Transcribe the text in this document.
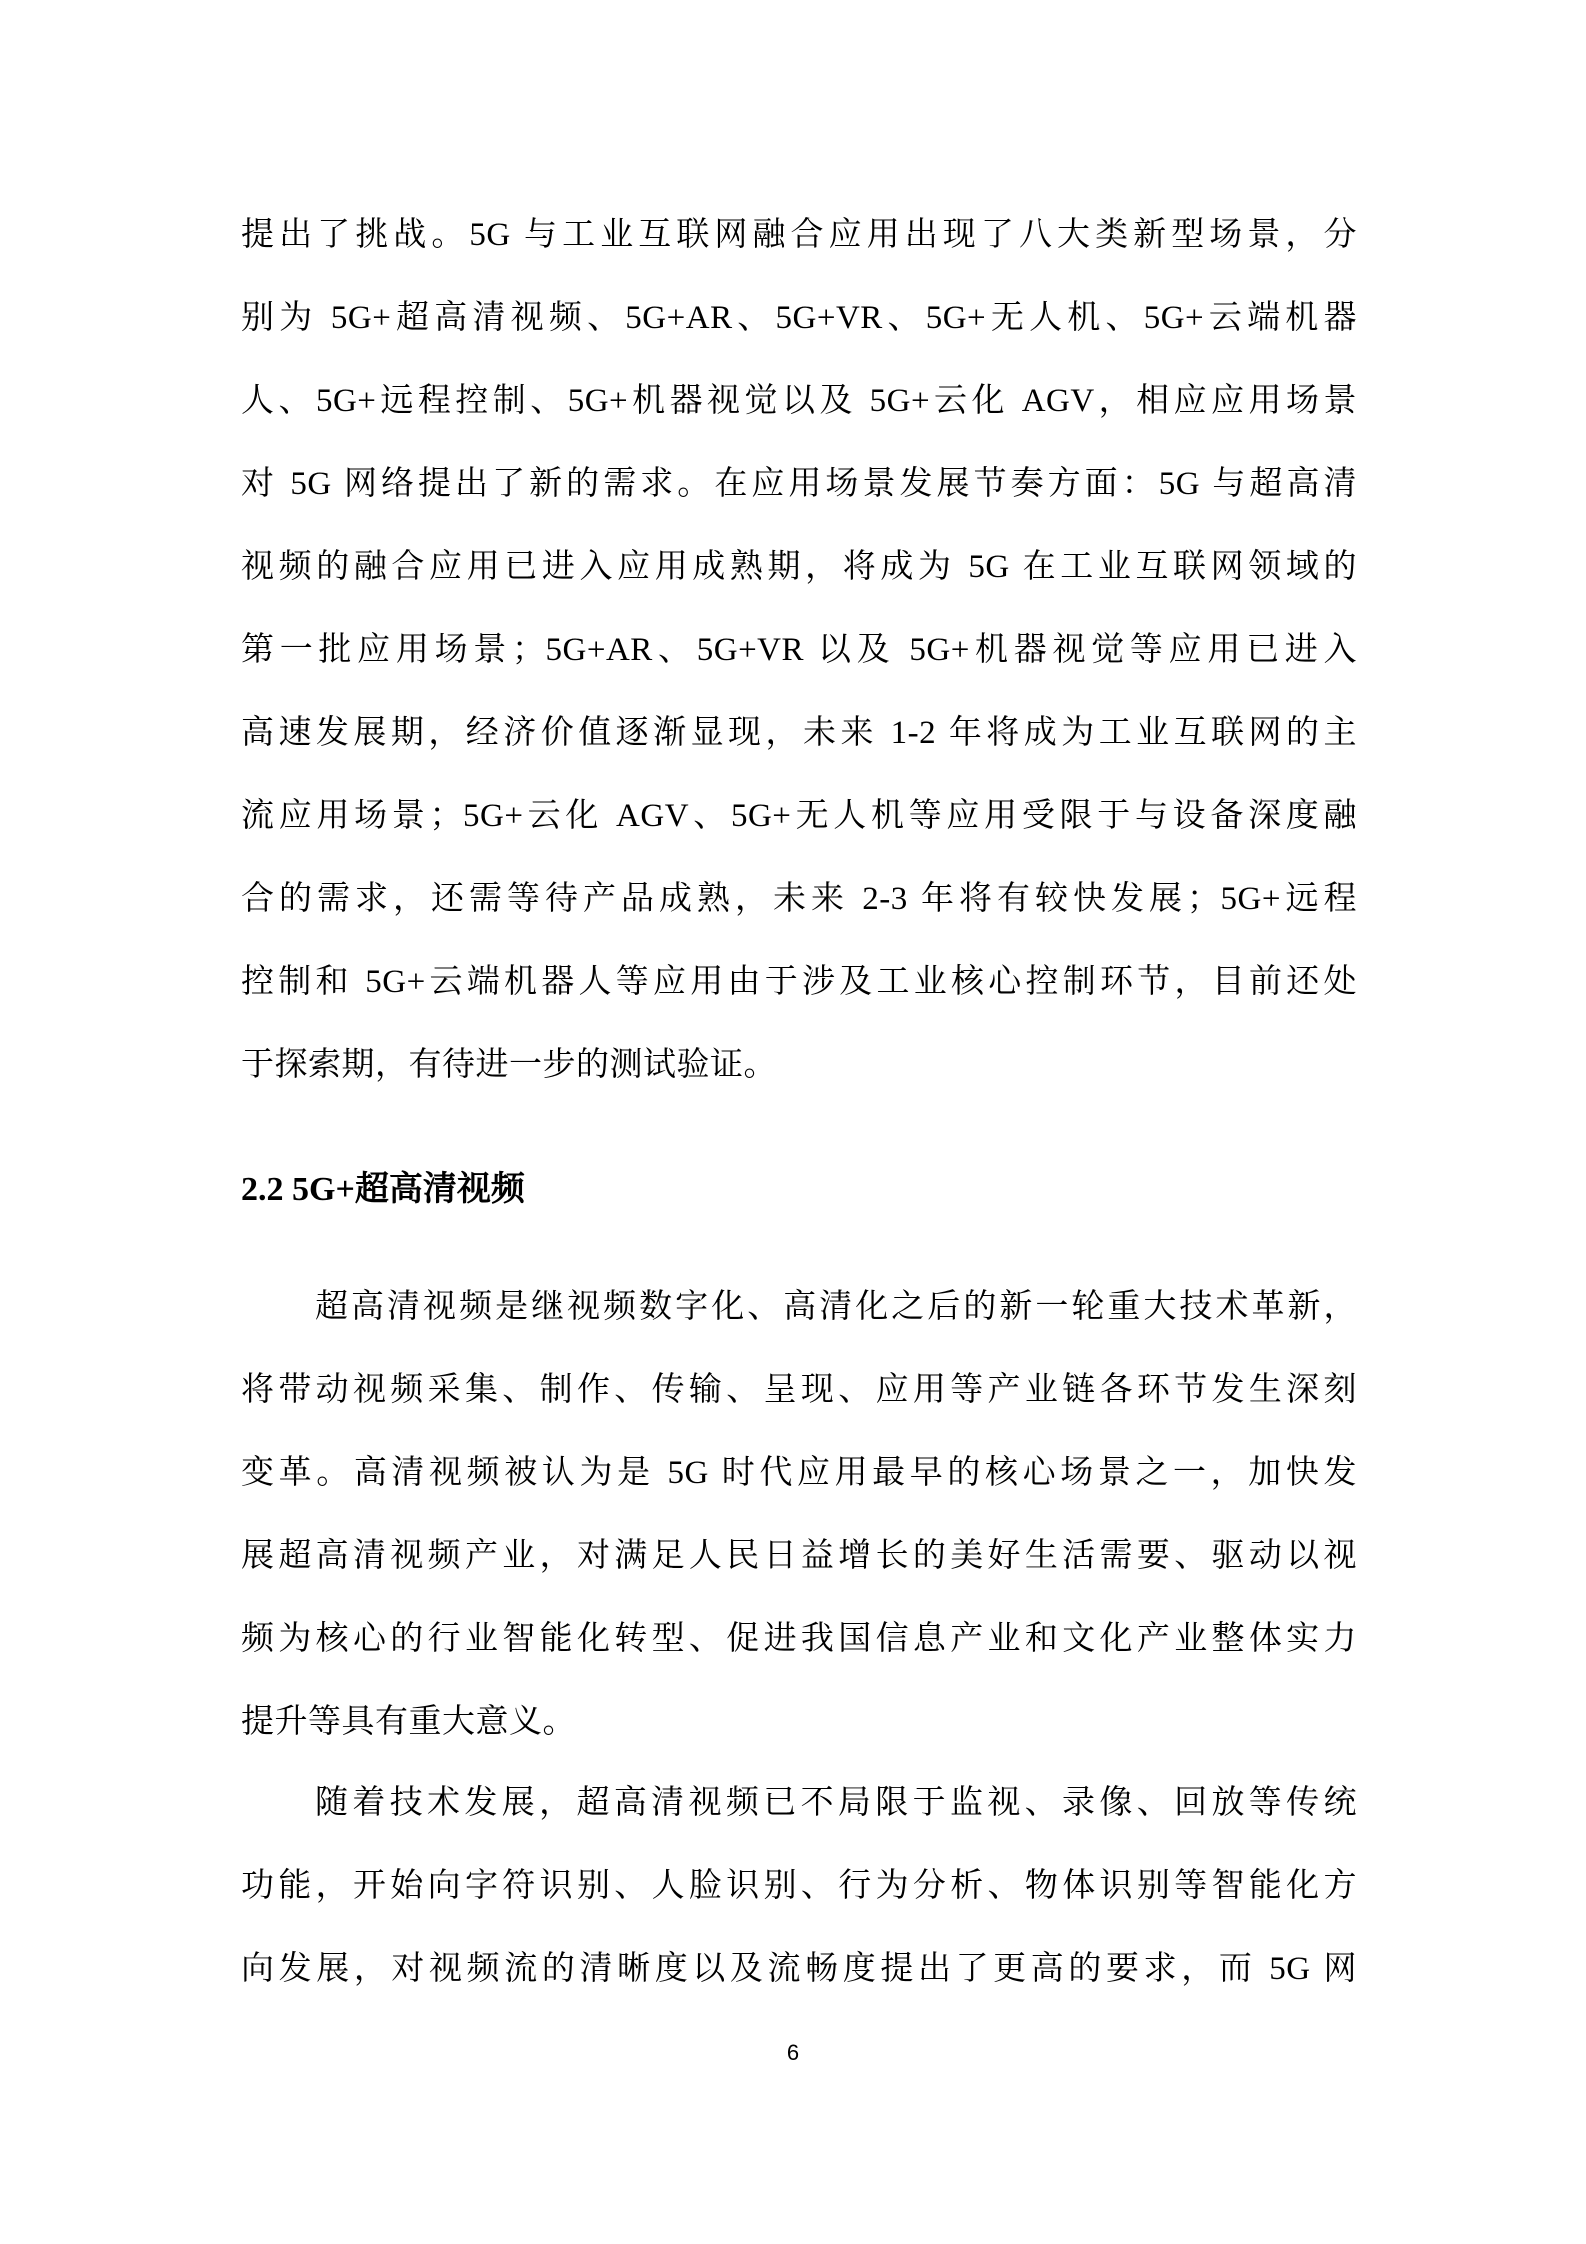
提出了挑战。5G 与工业互联网融合应用出现了八大类新型场景，分
别为 5G+超高清视频、5G+AR、5G+VR、5G+无人机、5G+云端机器
人、5G+远程控制、5G+机器视觉以及 5G+云化 AGV，相应应用场景
对 5G 网络提出了新的需求。在应用场景发展节奏方面：5G 与超高清
视频的融合应用已进入应用成熟期，将成为 5G 在工业互联网领域的
第一批应用场景；5G+AR、5G+VR 以及 5G+机器视觉等应用已进入
高速发展期，经济价值逐渐显现，未来 1-2 年将成为工业互联网的主
流应用场景；5G+云化 AGV、5G+无人机等应用受限于与设备深度融
合的需求，还需等待产品成熟，未来 2-3 年将有较快发展；5G+远程
控制和 5G+云端机器人等应用由于涉及工业核心控制环节，目前还处
于探索期，有待进一步的测试验证。
2.2 5G+超高清视频
超高清视频是继视频数字化、高清化之后的新一轮重大技术革新，
将带动视频采集、制作、传输、呈现、应用等产业链各环节发生深刻
变革。高清视频被认为是 5G 时代应用最早的核心场景之一，加快发
展超高清视频产业，对满足人民日益增长的美好生活需要、驱动以视
频为核心的行业智能化转型、促进我国信息产业和文化产业整体实力
提升等具有重大意义。
随着技术发展，超高清视频已不局限于监视、录像、回放等传统
功能，开始向字符识别、人脸识别、行为分析、物体识别等智能化方
向发展，对视频流的清晰度以及流畅度提出了更高的要求，而 5G 网
6
